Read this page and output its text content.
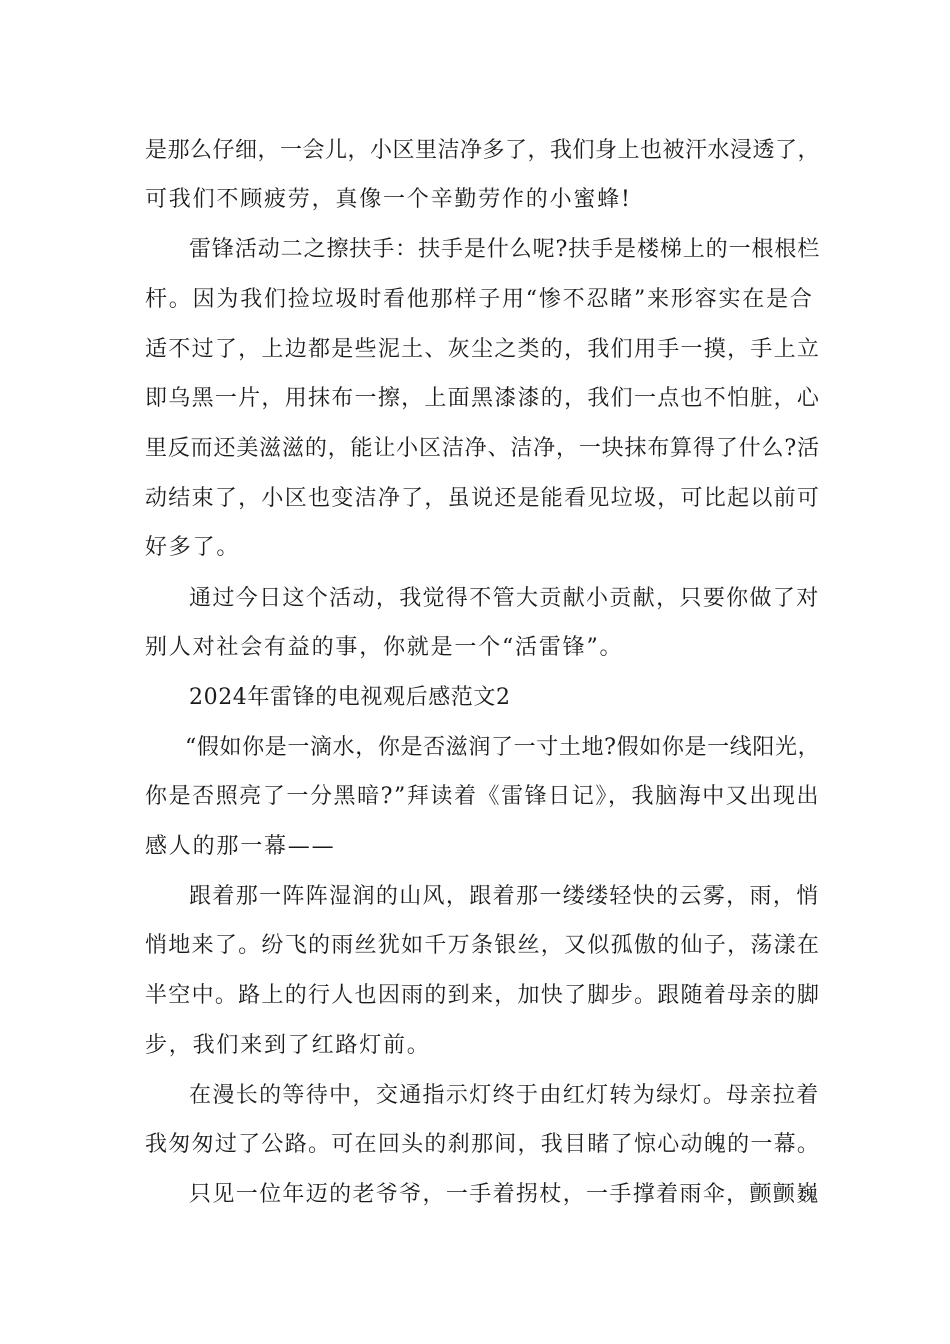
是那么仔细，一会儿，小区里洁净多了，我们身上也被汗水浸透了，
可我们不顾疲劳，真像一个辛勤劳作的小蜜蜂!
雷锋活动二之擦扶手：扶手是什么呢?扶手是楼梯上的一根根栏
杆。因为我们捡垃圾时看他那样子用“惨不忍睹”来形容实在是合
适不过了，上边都是些泥土、灰尘之类的，我们用手一摸，手上立
即乌黑一片，用抹布一擦，上面黑漆漆的，我们一点也不怕脏，心
里反而还美滋滋的，能让小区洁净、洁净，一块抹布算得了什么?活
动结束了，小区也变洁净了，虽说还是能看见垃圾，可比起以前可
好多了。
通过今日这个活动，我觉得不管大贡献小贡献，只要你做了对
别人对社会有益的事，你就是一个“活雷锋”。
2024年雷锋的电视观后感范文2
“假如你是一滴水，你是否滋润了一寸土地?假如你是一线阳光，
你是否照亮了一分黑暗?”拜读着《雷锋日记》，我脑海中又出现出
感人的那一幕——
跟着那一阵阵湿润的山风，跟着那一缕缕轻快的云雾，雨，悄
悄地来了。纷飞的雨丝犹如千万条银丝，又似孤傲的仙子，荡漾在
半空中。路上的行人也因雨的到来，加快了脚步。跟随着母亲的脚
步，我们来到了红路灯前。
在漫长的等待中，交通指示灯终于由红灯转为绿灯。母亲拉着
我匆匆过了公路。可在回头的刹那间，我目睹了惊心动魄的一幕。
只见一位年迈的老爷爷，一手着拐杖，一手撑着雨伞，颤颤巍
